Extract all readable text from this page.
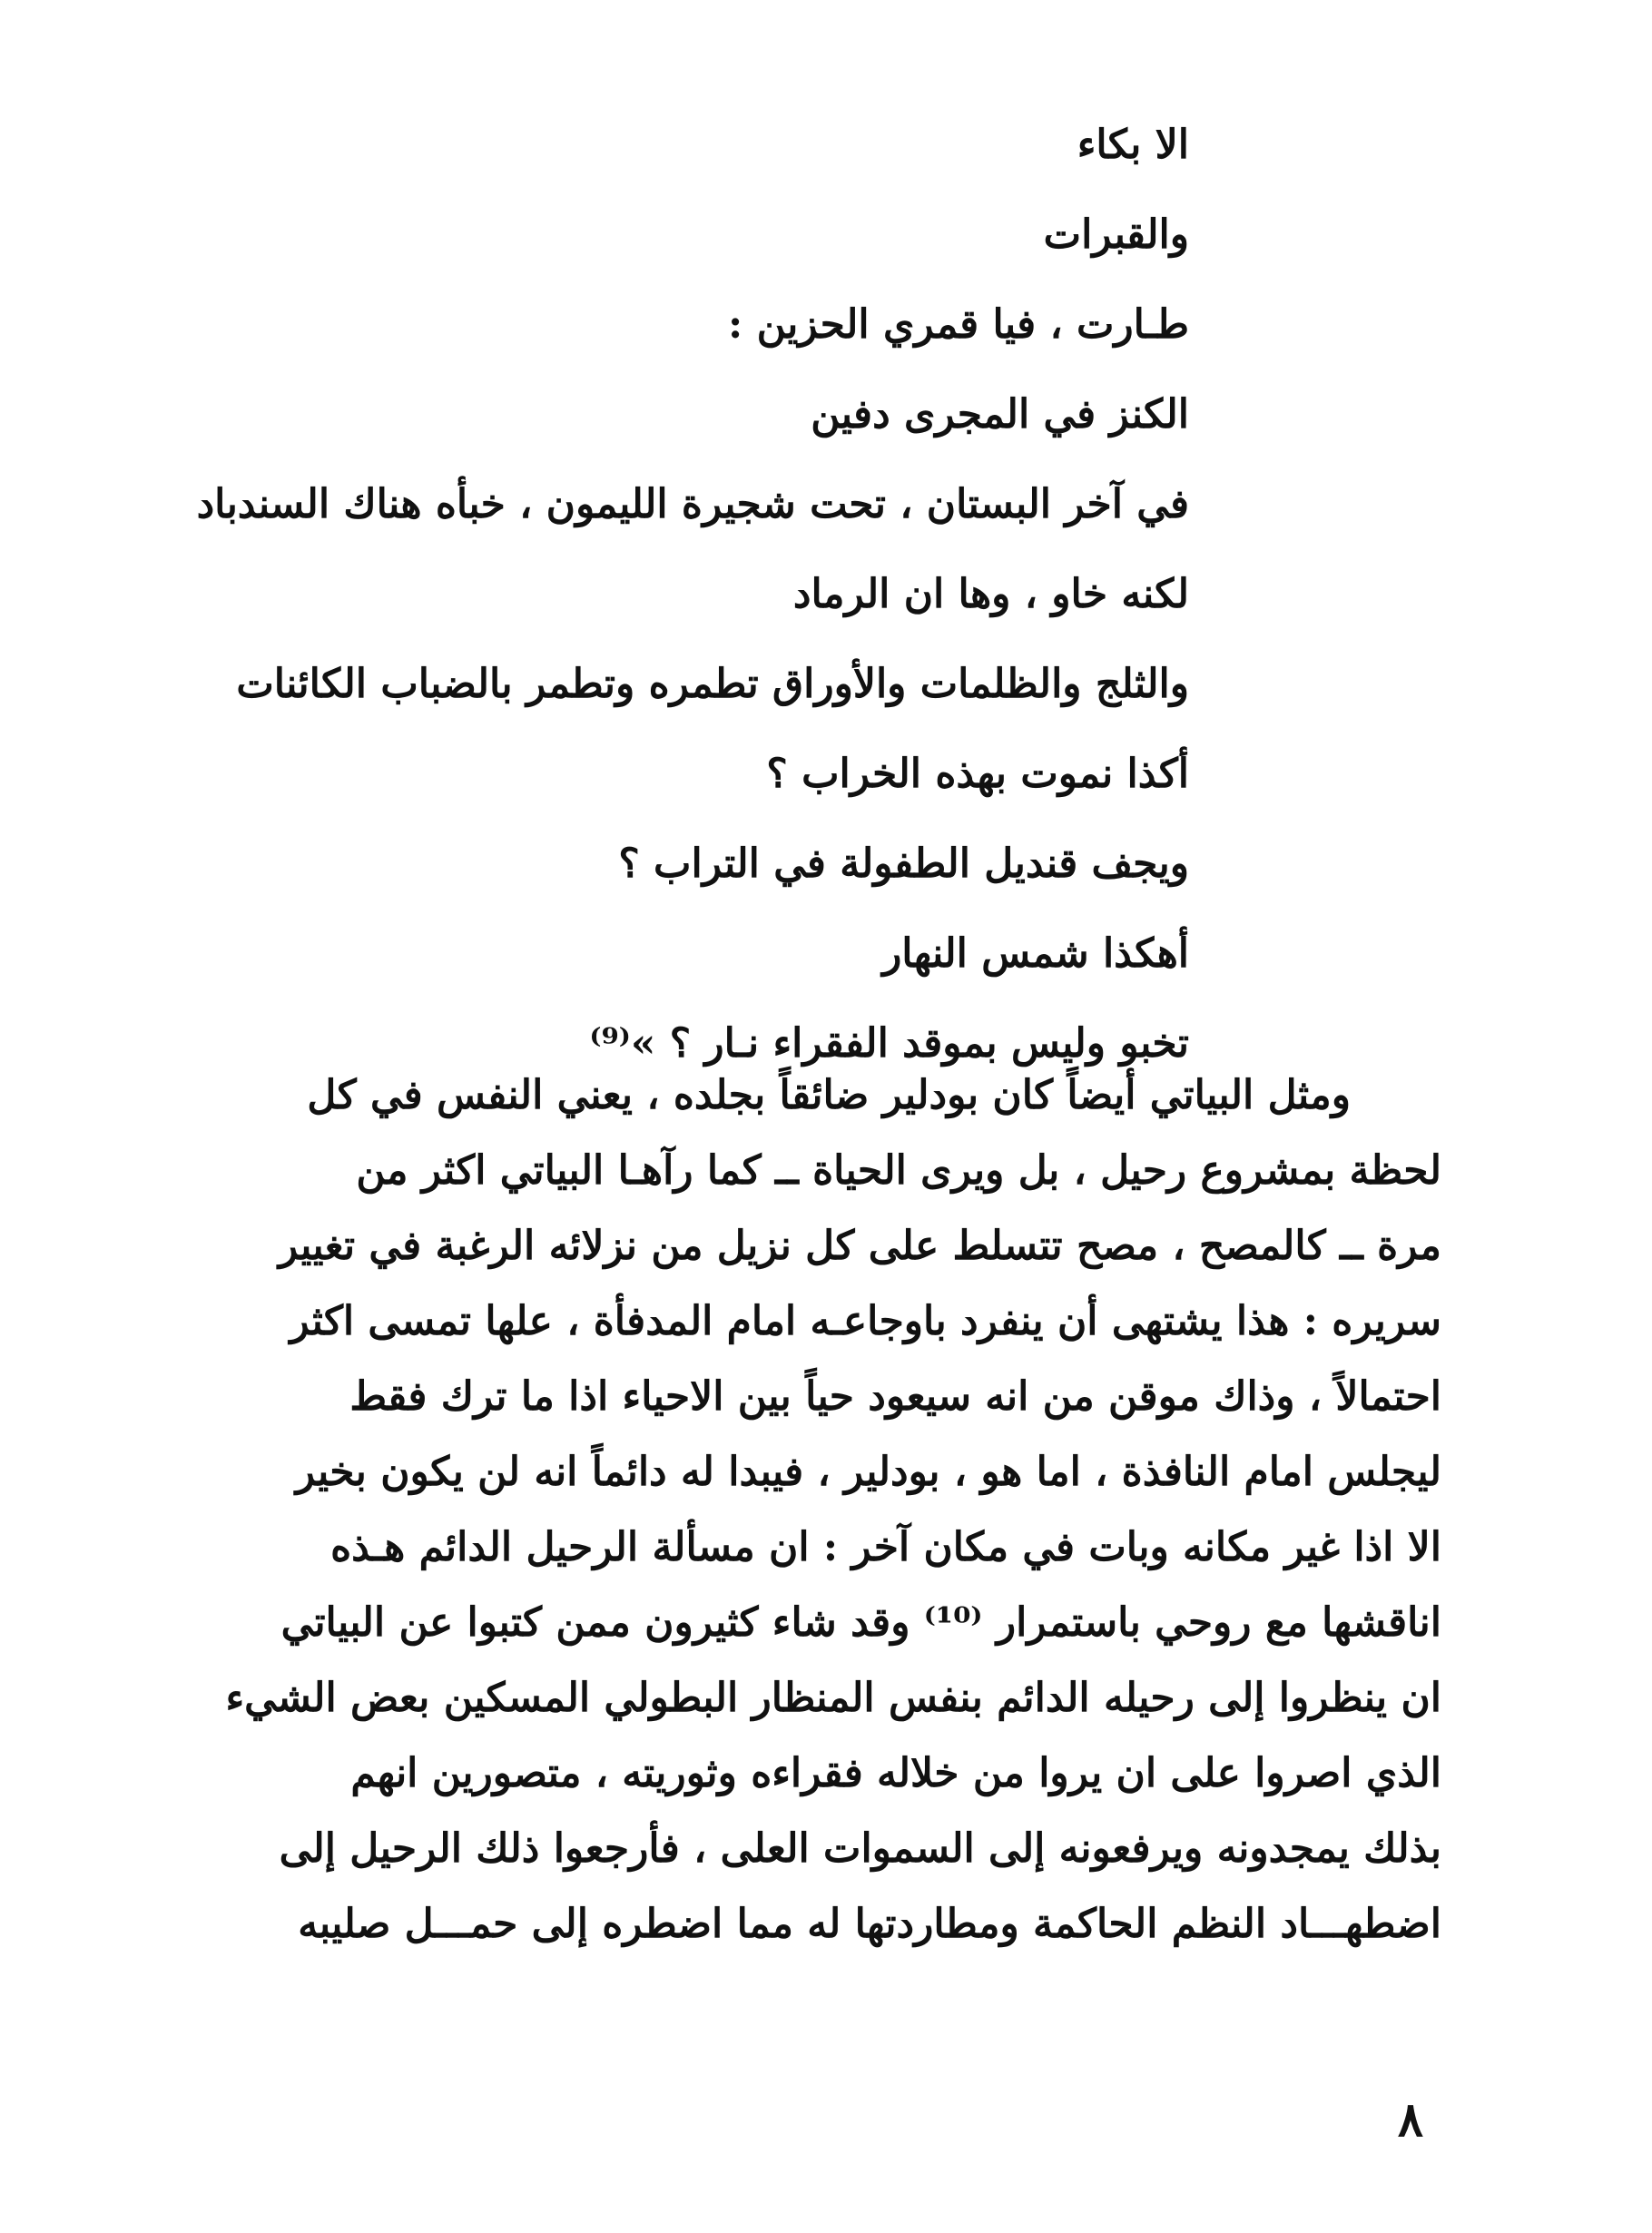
الا بكاء
والقبرات
طـارت ، فيا قمري الحزين :
الكنز في المجرى دفين
في آخر البستان ، تحت شجيرة الليمون ، خبأه هناك السندباد
لكنه خاو ، وها ان الرماد
والثلج والظلمات والأوراق تطمره وتطمر بالضباب الكائنات
أكذا نموت بهذه الخراب ؟
ويجف قنديل الطفولة في التراب ؟
أهكذا شمس النهار
تخبو وليس بموقد الفقراء نـار ؟ »⁽⁹⁾
ومثل البياتي أيضاً كان بودلير ضائقاً بجلده ، يعني النفس في كل
لحظة بمشروع رحيل ، بل ويرى الحياة ــ كما رآهـا البياتي اكثر من
مرة ــ كالمصح ، مصح تتسلط على كل نزيل من نزلائه الرغبة في تغيير
سريره : هذا يشتهى أن ينفرد باوجاعـه امام المدفأة ، علها تمسى اكثر
احتمالاً ، وذاك موقن من انه سيعود حياً بين الاحياء اذا ما ترك فقط
ليجلس امام النافذة ، اما هو ، بودلير ، فيبدا له دائماً انه لن يكون بخير
الا اذا غير مكانه وبات في مكان آخر : ان مسألة الرحيل الدائم هـذه
اناقشها مع روحي باستمرار ⁽¹⁰⁾ وقد شاء كثيرون ممن كتبوا عن البياتي
ان ينظروا إلى رحيله الدائم بنفس المنظار البطولي المسكين بعض الشيء
الذي اصروا على ان يروا من خلاله فقراءه وثوريته ، متصورين انهم
بذلك يمجدونه ويرفعونه إلى السموات العلى ، فأرجعوا ذلك الرحيل إلى
اضطهـــاد النظم الحاكمة ومطاردتها له مما اضطره إلى حمـــل صليبه
٨
